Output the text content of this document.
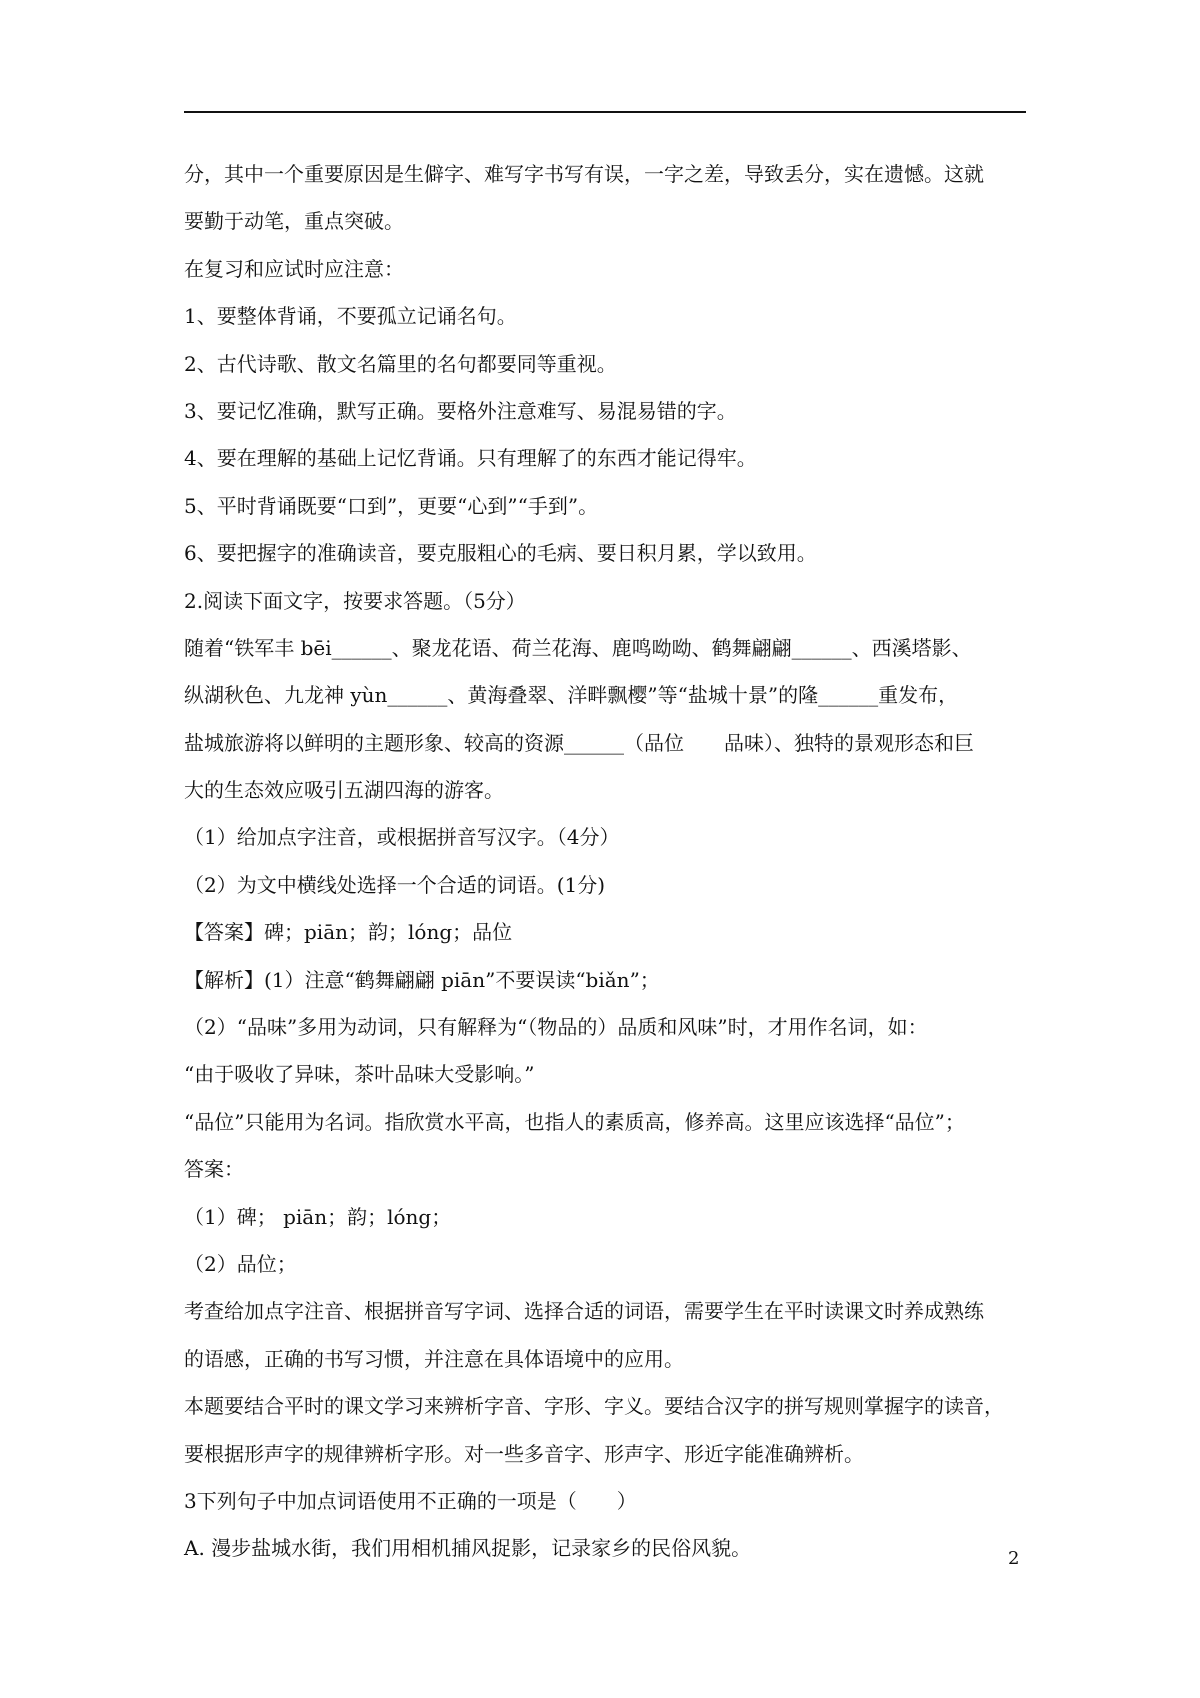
分，其中一个重要原因是生僻字、难写字书写有误，一字之差，导致丢分，实在遗憾。这就
要勤于动笔，重点突破。
在复习和应试时应注意：
1、要整体背诵，不要孤立记诵名句。
2、古代诗歌、散文名篇里的名句都要同等重视。
3、要记忆准确，默写正确。要格外注意难写、易混易错的字。
4、要在理解的基础上记忆背诵。只有理解了的东西才能记得牢。
5、平时背诵既要“口到”，更要“心到”“手到”。
6、要把握字的准确读音，要克服粗心的毛病、要日积月累，学以致用。
2.阅读下面文字，按要求答题。（5分）
随着“铁军丰 bēi______、聚龙花语、荷兰花海、鹿鸣呦呦、鹤舞翩翩______、西溪塔影、
纵湖秋色、九龙神 yùn______、黄海叠翠、洋畔飘樱”等“盐城十景”的隆______重发布，
盐城旅游将以鲜明的主题形象、较高的资源______（品位　　品味）、独特的景观形态和巨
大的生态效应吸引五湖四海的游客。
（1）给加点字注音，或根据拼音写汉字。（4分）
（2）为文中横线处选择一个合适的词语。(1分)
【答案】碑；piān；韵；lóng；品位
【解析】(1）注意“鹤舞翩翩 piān”不要误读“biǎn”；
（2）“品味”多用为动词，只有解释为“（物品的）品质和风味”时，才用作名词，如：
“由于吸收了异味，茶叶品味大受影响。”
“品位”只能用为名词。指欣赏水平高，也指人的素质高，修养高。这里应该选择“品位”；
答案：
（1）碑； piān；韵；lóng；
（2）品位；
考查给加点字注音、根据拼音写字词、选择合适的词语，需要学生在平时读课文时养成熟练
的语感，正确的书写习惯，并注意在具体语境中的应用。
本题要结合平时的课文学习来辨析字音、字形、字义。要结合汉字的拼写规则掌握字的读音，
要根据形声字的规律辨析字形。对一些多音字、形声字、形近字能准确辨析。
3下列句子中加点词语使用不正确的一项是（　　）
A. 漫步盐城水街，我们用相机捕风捉影，记录家乡的民俗风貌。	2
